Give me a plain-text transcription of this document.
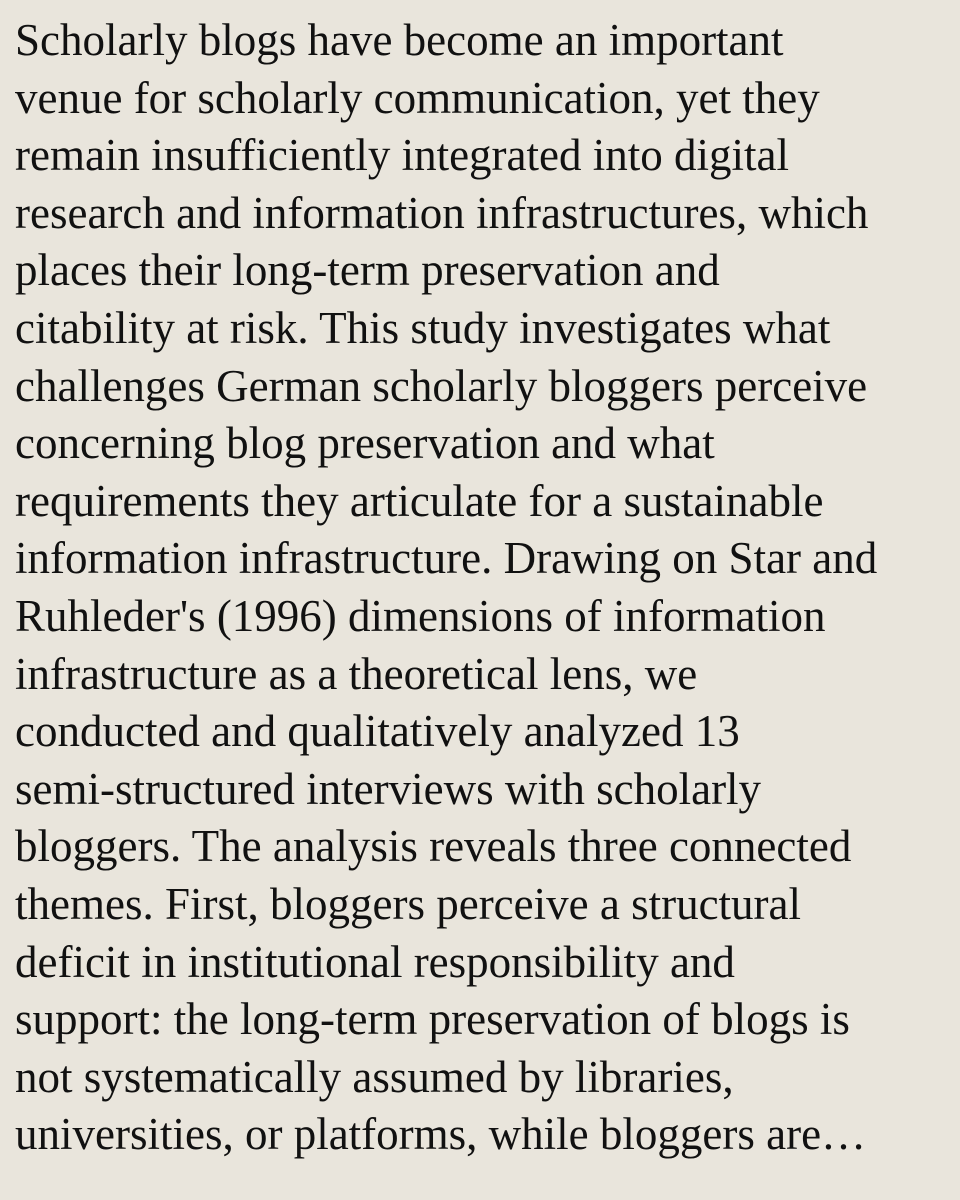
Scholarly blogs have become an important
venue for scholarly communication, yet they
remain insufficiently integrated into digital
research and information infrastructures, which
places their long-term preservation and
citability at risk. This study investigates what
challenges German scholarly bloggers perceive
concerning blog preservation and what
requirements they articulate for a sustainable
information infrastructure. Drawing on Star and
Ruhleder's (1996) dimensions of information
infrastructure as a theoretical lens, we
conducted and qualitatively analyzed 13
semi-structured interviews with scholarly
bloggers. The analysis reveals three connected
themes. First, bloggers perceive a structural
deficit in institutional responsibility and
support: the long-term preservation of blogs is
not systematically assumed by libraries,
universities, or platforms, while bloggers are…
